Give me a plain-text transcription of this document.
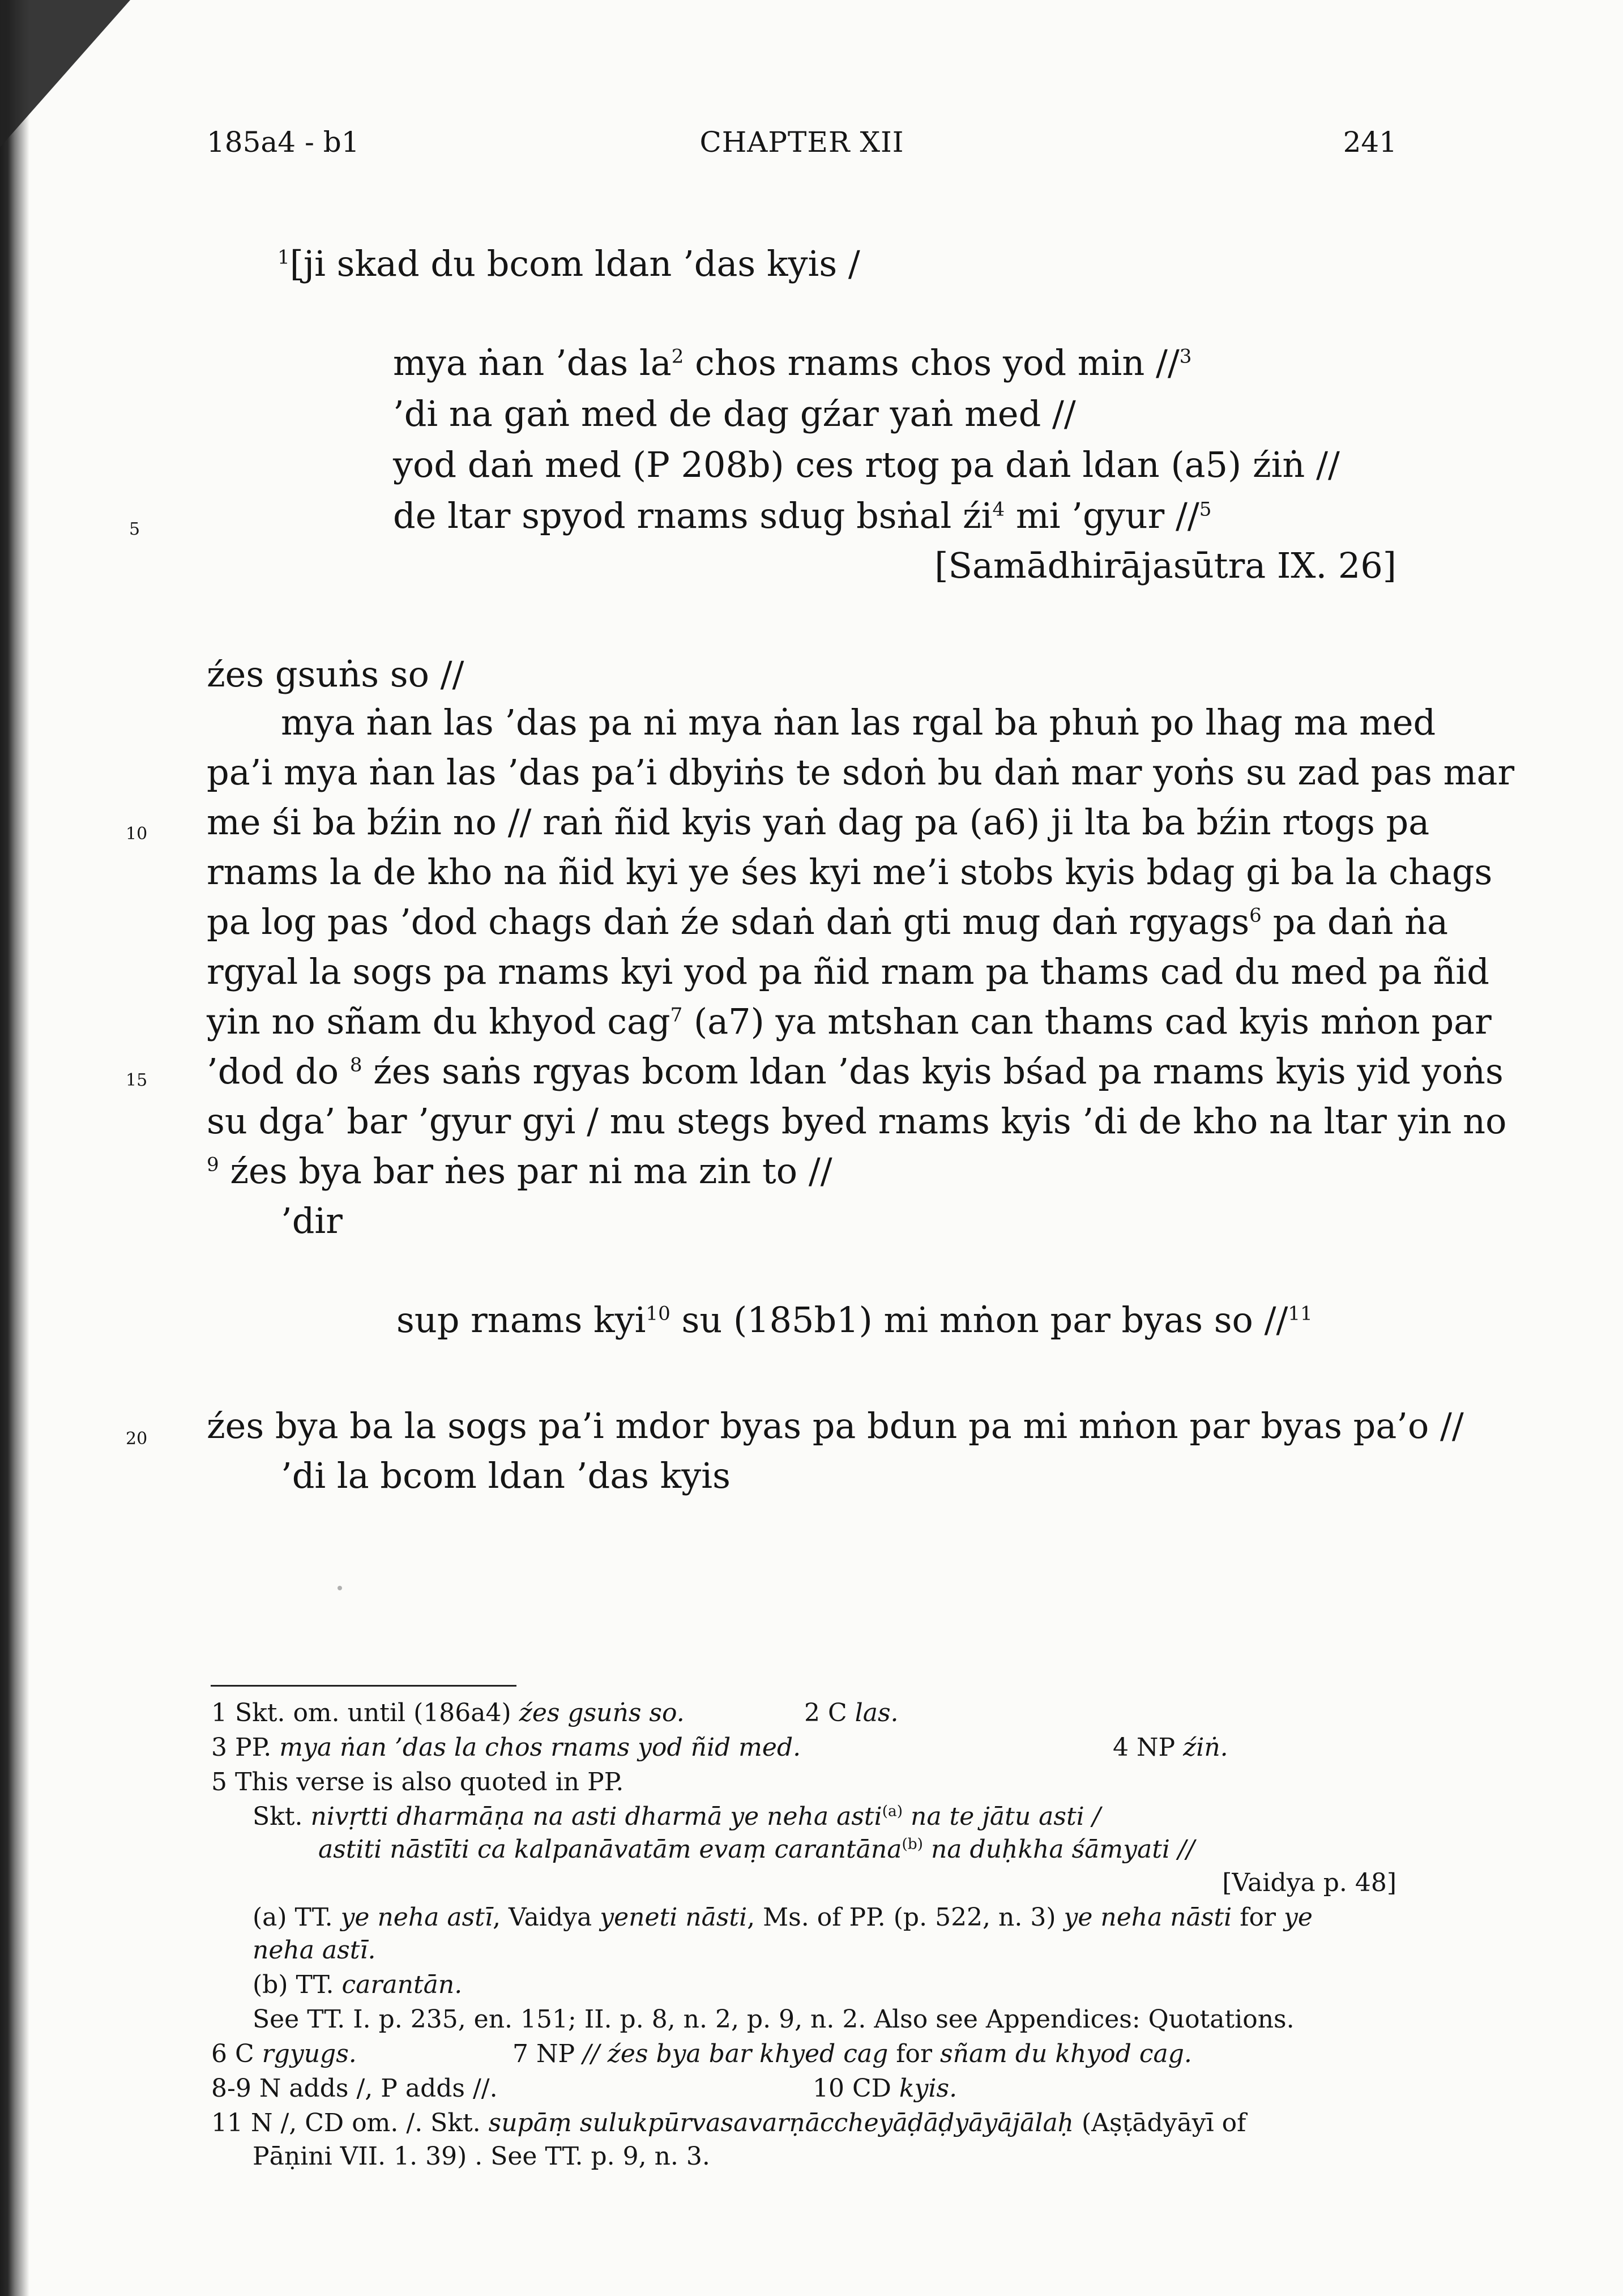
185a4 - b1	CHAPTER XII	241
5
10
15
20
$^1$[ji skad du bcom ldan ’das kyis /
mya ṅan ’das $la^2$ chos rnams chos yod min //$^3$
’di na gaṅ med de dag gźar yaṅ med //
yod daṅ med (P 208b) ces rtog pa daṅ ldan (a5) źiṅ //
de ltar spyod rnams sdug bsṅal $źi^4$ mi ’gyur //$^5$
[Samādhirājasūtra IX. 26]
źes gsuṅs so //
mya ṅan las ’das pa ni mya ṅan las rgal ba phuṅ po lhag ma med
pa’i mya ṅan las ’das pa’i dbyiṅs te sdoṅ bu daṅ mar yoṅs su zad pas mar
me śi ba bźin no // raṅ ñid kyis yaṅ dag pa (a6) ji lta ba bźin rtogs pa
rnams la de kho na ñid kyi ye śes kyi me’i stobs kyis bdag gi ba la chags
pa log pas ’dod chags daṅ źe sdaṅ daṅ gti mug daṅ rgyags$^6$ pa daṅ ṅa
rgyal la sogs pa rnams kyi yod pa ñid rnam pa thams cad du med pa ñid
yin no sñam du khyod cag$^7$ (a7) ya mtshan can thams cad kyis mṅon par
’dod do $^8$ źes saṅs rgyas bcom ldan ’das kyis bśad pa rnams kyis yid yoṅs
su dga’ bar ’gyur gyi / mu stegs byed rnams kyis ’di de kho na ltar yin no
$^9$ źes bya bar ṅes par ni ma zin to //
’dir
sup rnams kyi$^{10}$ su (185b1) mi mṅon par byas so //$^{11}$
źes bya ba la sogs pa’i mdor byas pa bdun pa mi mṅon par byas pa’o //
’di la bcom ldan ’das kyis
1 Skt. om. until (186a4) źes gsuṅs so.	2 C las.
3 PP. mya ṅan ’das la chos rnams yod ñid med.	4 NP źiṅ.
5 This verse is also quoted in PP.
Skt. nivṛtti dharmāṇa na asti dharmā ye neha asti$^{(a)}$ na te jātu asti /
astiti nāstīti ca kalpanāvatām evaṃ carantāna$^{(b)}$ na duḥkha śāmyati //
[Vaidya p. 48]
(a) TT. ye neha astī, Vaidya yeneti nāsti, Ms. of PP. (p. 522, n. 3) ye neha nāsti for ye
neha astī.
(b) TT. carantān.
See TT. I. p. 235, en. 151; II. p. 8, n. 2, p. 9, n. 2. Also see Appendices: Quotations.
6 C rgyugs.	7 NP // źes bya bar khyed cag for sñam du khyod cag.
8-9 N adds /, P adds //.	10 CD kyis.
11 N /, CD om. /. Skt. supāṃ sulukpūrvasavarṇāccheyāḍāḍyāyājālaḥ (Aṣṭādyāyī of
Pāṇini VII. 1. 39) . See TT. p. 9, n. 3.
